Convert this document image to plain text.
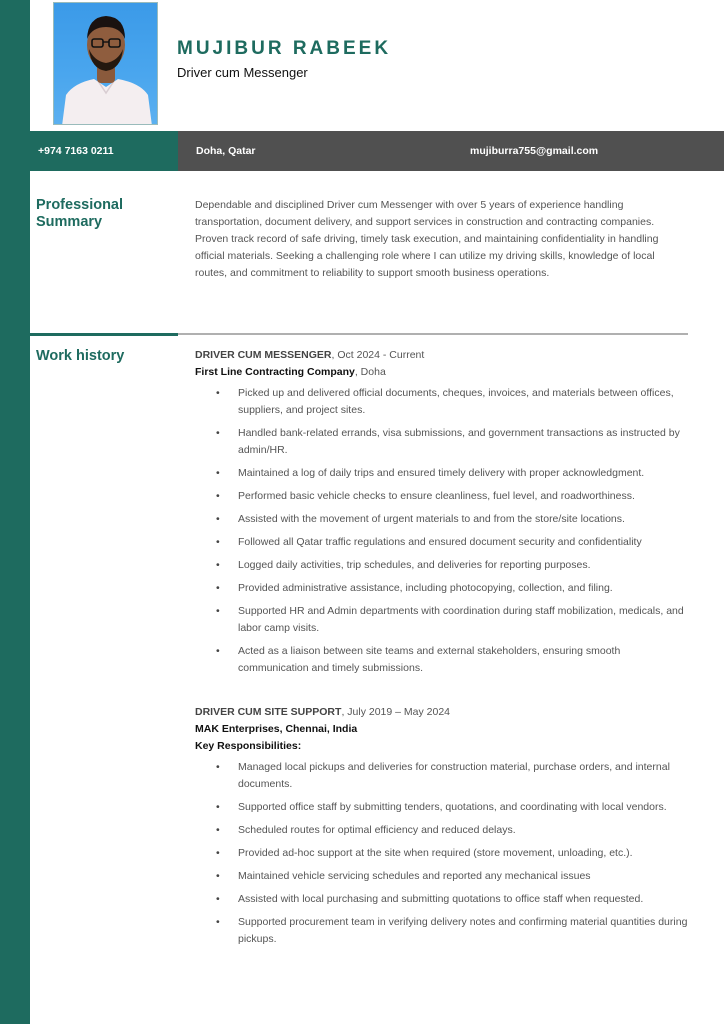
MUJIBUR RABEEK
Driver cum Messenger
+974 7163 0211	Doha, Qatar	mujiburra755@gmail.com
Professional Summary
Dependable and disciplined Driver cum Messenger with over 5 years of experience handling transportation, document delivery, and support services in construction and contracting companies. Proven track record of safe driving, timely task execution, and maintaining confidentiality in handling official materials. Seeking a challenging role where I can utilize my driving skills, knowledge of local routes, and commitment to reliability to support smooth business operations.
Work history	DRIVER CUM MESSENGER, Oct 2024 - Current
First Line Contracting Company, Doha
• Picked up and delivered official documents, cheques, invoices, and materials between offices, suppliers, and project sites.
• Handled bank-related errands, visa submissions, and government transactions as instructed by admin/HR.
• Maintained a log of daily trips and ensured timely delivery with proper acknowledgment.
• Performed basic vehicle checks to ensure cleanliness, fuel level, and roadworthiness.
• Assisted with the movement of urgent materials to and from the store/site locations.
• Followed all Qatar traffic regulations and ensured document security and confidentiality
• Logged daily activities, trip schedules, and deliveries for reporting purposes.
• Provided administrative assistance, including photocopying, collection, and filing.
• Supported HR and Admin departments with coordination during staff mobilization, medicals, and labor camp visits.
• Acted as a liaison between site teams and external stakeholders, ensuring smooth communication and timely submissions.
DRIVER CUM SITE SUPPORT, July 2019 – May 2024
MAK Enterprises, Chennai, India
Key Responsibilities:
• Managed local pickups and deliveries for construction material, purchase orders, and internal documents.
• Supported office staff by submitting tenders, quotations, and coordinating with local vendors.
• Scheduled routes for optimal efficiency and reduced delays.
• Provided ad-hoc support at the site when required (store movement, unloading, etc.).
• Maintained vehicle servicing schedules and reported any mechanical issues
• Assisted with local purchasing and submitting quotations to office staff when requested.
• Supported procurement team in verifying delivery notes and confirming material quantities during pickups.
